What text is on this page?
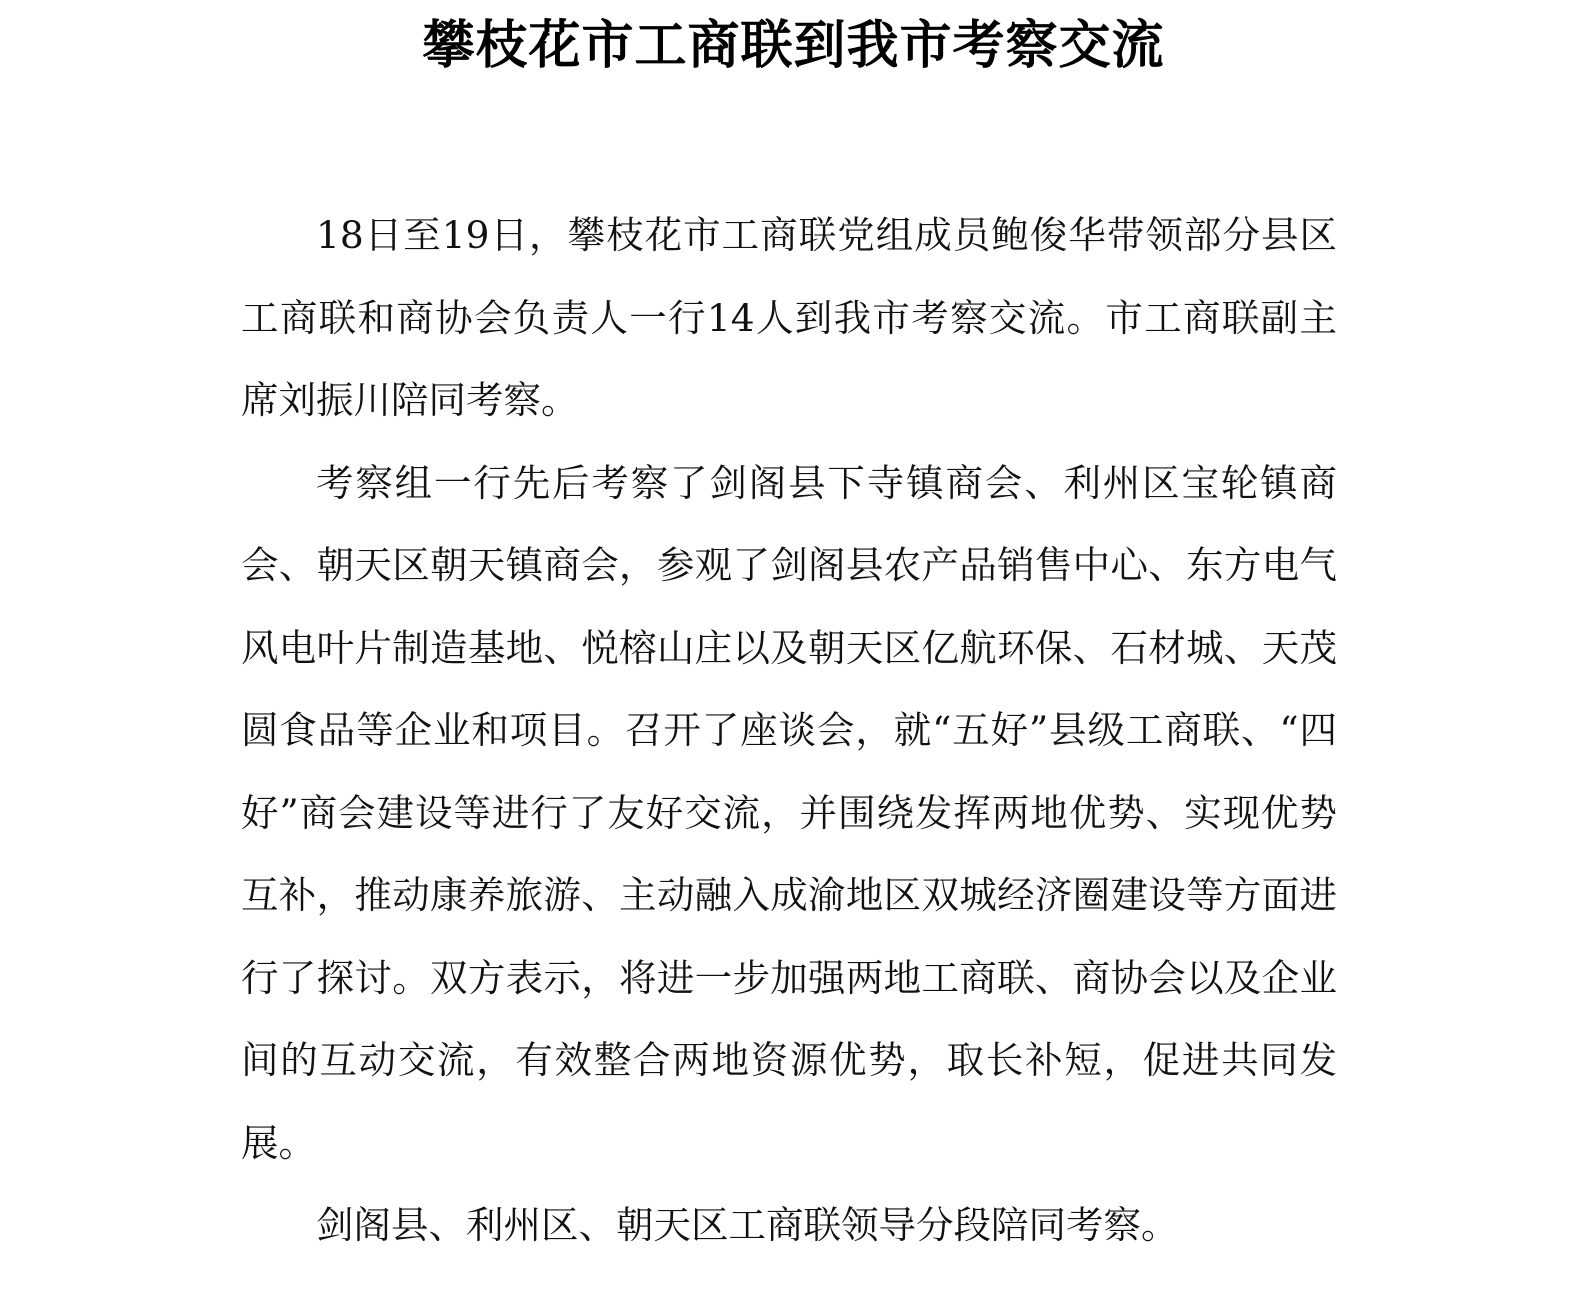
攀枝花市工商联到我市考察交流

18日至19日，攀枝花市工商联党组成员鲍俊华带领部分县区工商联和商协会负责人一行14人到我市考察交流。市工商联副主席刘振川陪同考察。

考察组一行先后考察了剑阁县下寺镇商会、利州区宝轮镇商会、朝天区朝天镇商会，参观了剑阁县农产品销售中心、东方电气风电叶片制造基地、悦榕山庄以及朝天区亿航环保、石材城、天茂圆食品等企业和项目。召开了座谈会，就“五好”县级工商联、“四好”商会建设等进行了友好交流，并围绕发挥两地优势、实现优势互补，推动康养旅游、主动融入成渝地区双城经济圈建设等方面进行了探讨。双方表示，将进一步加强两地工商联、商协会以及企业间的互动交流，有效整合两地资源优势，取长补短，促进共同发展。

剑阁县、利州区、朝天区工商联领导分段陪同考察。
